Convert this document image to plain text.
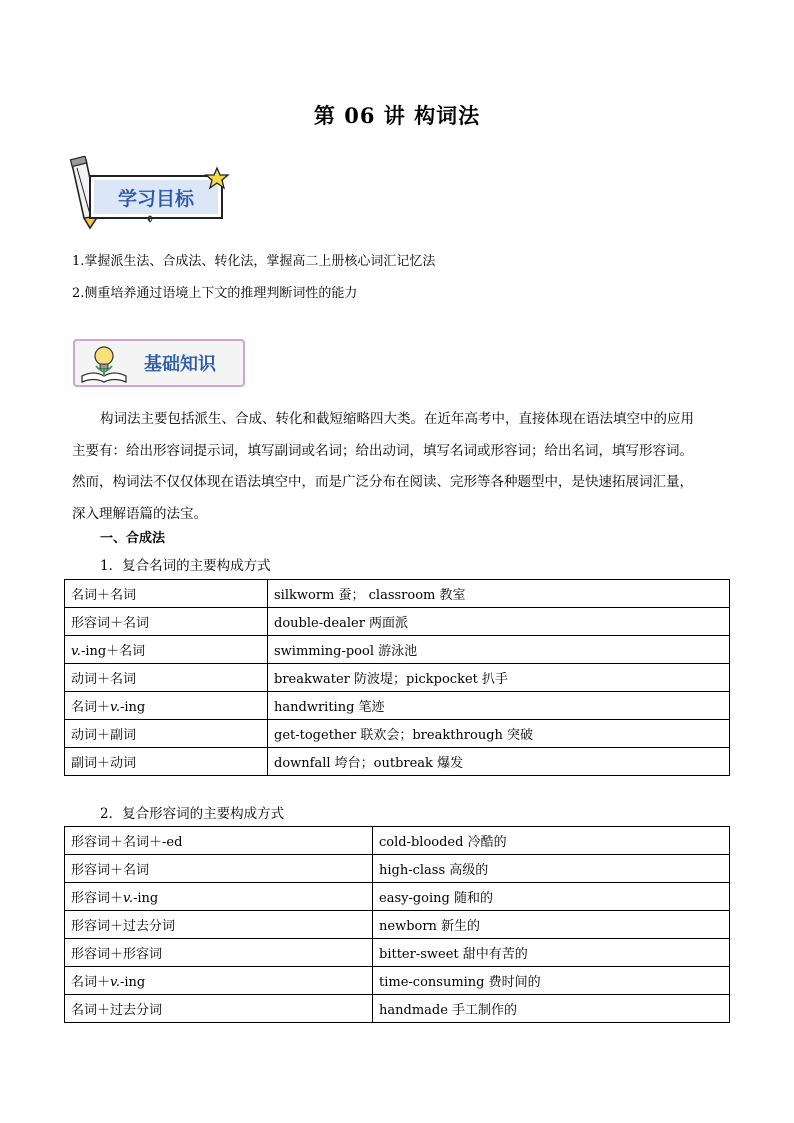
第 06 讲 构词法
学习目标
1.掌握派生法、合成法、转化法，掌握高二上册核心词汇记忆法
2.侧重培养通过语境上下文的推理判断词性的能力
基础知识
构词法主要包括派生、合成、转化和截短缩略四大类。在近年高考中，直接体现在语法填空中的应用
主要有：给出形容词提示词，填写副词或名词；给出动词，填写名词或形容词；给出名词，填写形容词。
然而，构词法不仅仅体现在语法填空中，而是广泛分布在阅读、完形等各种题型中，是快速拓展词汇量，
深入理解语篇的法宝。
一、合成法
1．复合名词的主要构成方式
名词＋名词	silkworm 蚕； classroom 教室
形容词＋名词	double-dealer 两面派
v.-ing＋名词	swimming-pool 游泳池
动词＋名词	breakwater 防波堤；pickpocket 扒手
名词＋v.-ing	handwriting 笔迹
动词＋副词	get-together 联欢会；breakthrough 突破
副词＋动词	downfall 垮台；outbreak 爆发
2．复合形容词的主要构成方式
形容词＋名词＋-ed	cold-blooded 冷酷的
形容词＋名词	high-class 高级的
形容词＋v.-ing	easy-going 随和的
形容词＋过去分词	newborn 新生的
形容词＋形容词	bitter-sweet 甜中有苦的
名词＋v.-ing	time-consuming 费时间的
名词＋过去分词	handmade 手工制作的
